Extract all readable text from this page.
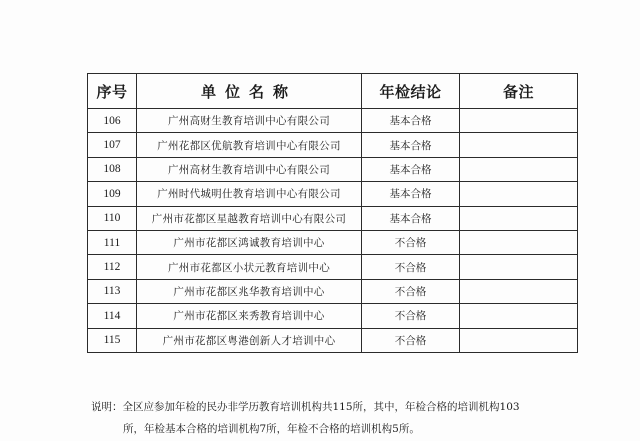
序号	单位名称	年检结论	备注
106	广州高财生教育培训中心有限公司	基本合格	
107	广州花都区优航教育培训中心有限公司	基本合格	
108	广州高材生教育培训中心有限公司	基本合格	
109	广州时代城明仕教育培训中心有限公司	基本合格	
110	广州市花都区星越教育培训中心有限公司	基本合格	
111	广州市花都区鸿诚教育培训中心	不合格	
112	广州市花都区小状元教育培训中心	不合格	
113	广州市花都区兆华教育培训中心	不合格	
114	广州市花都区来秀教育培训中心	不合格	
115	广州市花都区粤港创新人才培训中心	不合格	
说明：全区应参加年检的民办非学历教育培训机构共115所，其中，年检合格的培训机构103
所，年检基本合格的培训机构7所，年检不合格的培训机构5所。
